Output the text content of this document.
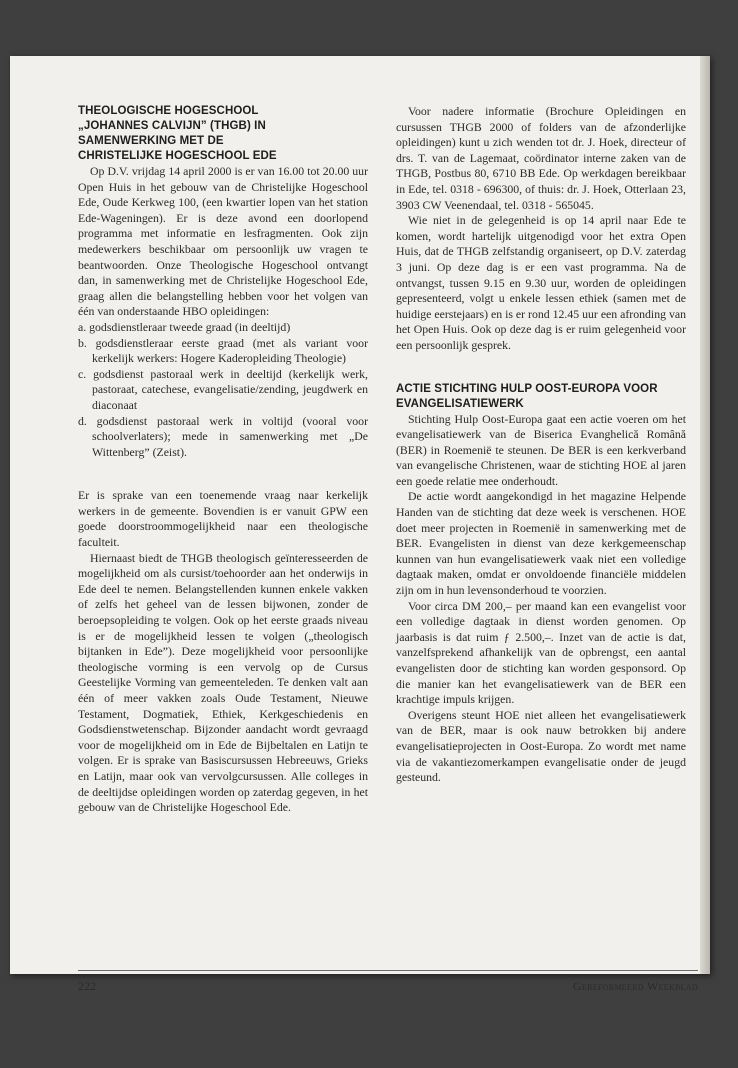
THEOLOGISCHE HOGESCHOOL
„JOHANNES CALVIJN” (THGB) IN
SAMENWERKING MET DE
CHRISTELIJKE HOGESCHOOL EDE

Op D.V. vrijdag 14 april 2000 is er van 16.00 tot 20.00 uur Open Huis in het gebouw van de Christelijke Hogeschool Ede, Oude Kerkweg 100, (een kwartier lopen van het station Ede-Wageningen). Er is deze avond een doorlopend programma met informatie en lesfragmenten. Ook zijn medewerkers beschikbaar om persoonlijk uw vragen te beantwoorden. Onze Theologische Hogeschool ontvangt dan, in samenwerking met de Christelijke Hogeschool Ede, graag allen die belangstelling hebben voor het volgen van één van onderstaande HBO opleidingen:

a. godsdienstleraar tweede graad (in deeltijd)
b. godsdienstleraar eerste graad (met als variant voor kerkelijk werkers: Hogere Kaderopleiding Theologie)
c. godsdienst pastoraal werk in deeltijd (kerkelijk werk, pastoraat, catechese, evangelisatie/zending, jeugdwerk en diaconaat
d. godsdienst pastoraal werk in voltijd (vooral voor schoolverlaters); mede in samenwerking met „De Wittenberg” (Zeist).

Er is sprake van een toenemende vraag naar kerkelijk werkers in de gemeente. Bovendien is er vanuit GPW een goede doorstroommogelijkheid naar een theologische faculteit.

Hiernaast biedt de THGB theologisch geïnteresseerden de mogelijkheid om als cursist/toehoorder aan het onderwijs in Ede deel te nemen. Belangstellenden kunnen enkele vakken of zelfs het geheel van de lessen bijwonen, zonder de beroepsopleiding te volgen. Ook op het eerste graads niveau is er de mogelijkheid lessen te volgen („theologisch bijtanken in Ede”). Deze mogelijkheid voor persoonlijke theologische vorming is een vervolg op de Cursus Geestelijke Vorming van gemeenteleden. Te denken valt aan één of meer vakken zoals Oude Testament, Nieuwe Testament, Dogmatiek, Ethiek, Kerkgeschiedenis en Godsdienstwetenschap. Bijzonder aandacht wordt gevraagd voor de mogelijkheid om in Ede de Bijbeltalen en Latijn te volgen. Er is sprake van Basiscursussen Hebreeuws, Grieks en Latijn, maar ook van vervolgcursussen. Alle colleges in de deeltijdse opleidingen worden op zaterdag gegeven, in het gebouw van de Christelijke Hogeschool Ede.

Voor nadere informatie (Brochure Opleidingen en cursussen THGB 2000 of folders van de afzonderlijke opleidingen) kunt u zich wenden tot dr. J. Hoek, directeur of drs. T. van de Lagemaat, coördinator interne zaken van de THGB, Postbus 80, 6710 BB Ede. Op werkdagen bereikbaar in Ede, tel. 0318 - 696300, of thuis: dr. J. Hoek, Otterlaan 23, 3903 CW Veenendaal, tel. 0318 - 565045.

Wie niet in de gelegenheid is op 14 april naar Ede te komen, wordt hartelijk uitgenodigd voor het extra Open Huis, dat de THGB zelfstandig organiseert, op D.V. zaterdag 3 juni. Op deze dag is er een vast programma. Na de ontvangst, tussen 9.15 en 9.30 uur, worden de opleidingen gepresenteerd, volgt u enkele lessen ethiek (samen met de huidige eerstejaars) en is er rond 12.45 uur een afronding van het Open Huis. Ook op deze dag is er ruim gelegenheid voor een persoonlijk gesprek.

ACTIE STICHTING HULP OOST-EUROPA VOOR
EVANGELISATIEWERK

Stichting Hulp Oost-Europa gaat een actie voeren om het evangelisatiewerk van de Biserica Evanghelică Română (BER) in Roemenië te steunen. De BER is een kerkverband van evangelische Christenen, waar de stichting HOE al jaren een goede relatie mee onderhoudt.

De actie wordt aangekondigd in het magazine Helpende Handen van de stichting dat deze week is verschenen. HOE doet meer projecten in Roemenië in samenwerking met de BER. Evangelisten in dienst van deze kerkgemeenschap kunnen van hun evangelisatiewerk vaak niet een volledige dagtaak maken, omdat er onvoldoende financiële middelen zijn om in hun levensonderhoud te voorzien.

Voor circa DM 200,– per maand kan een evangelist voor een volledige dagtaak in dienst worden genomen. Op jaarbasis is dat ruim ƒ 2.500,–. Inzet van de actie is dat, vanzelfsprekend afhankelijk van de opbrengst, een aantal evangelisten door de stichting kan worden gesponsord. Op die manier kan het evangelisatiewerk van de BER een krachtige impuls krijgen.

Overigens steunt HOE niet alleen het evangelisatiewerk van de BER, maar is ook nauw betrokken bij andere evangelisatieprojecten in Oost-Europa. Zo wordt met name via de vakantiezomerkampen evangelisatie onder de jeugd gesteund.

222	Gereformeerd Weekblad
